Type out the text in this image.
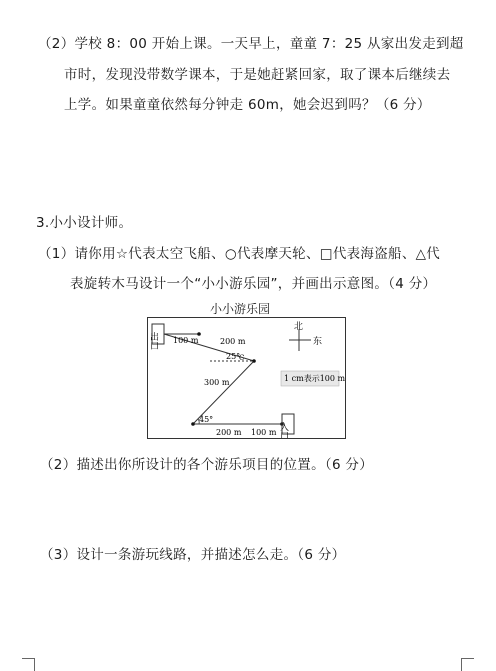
（2）学校 8：00 开始上课。一天早上，童童 7：25 从家出发走到超
市时，发现没带数学课本，于是她赶紧回家，取了课本后继续去
上学。如果童童依然每分钟走 60m，她会迟到吗？（6 分）
3.小小设计师。
（1）请你用☆代表太空飞船、○代表摩天轮、□代表海盗船、△代
表旋转木马设计一个“小小游乐园”，并画出示意图。（4 分）
小小游乐园
出口
入口
100 m	200 m
300 m
200 m 100 m
25°
C
45°
北
东
1 cm表示100 m
（2）描述出你所设计的各个游乐项目的位置。（6 分）
（3）设计一条游玩线路，并描述怎么走。（6 分）
